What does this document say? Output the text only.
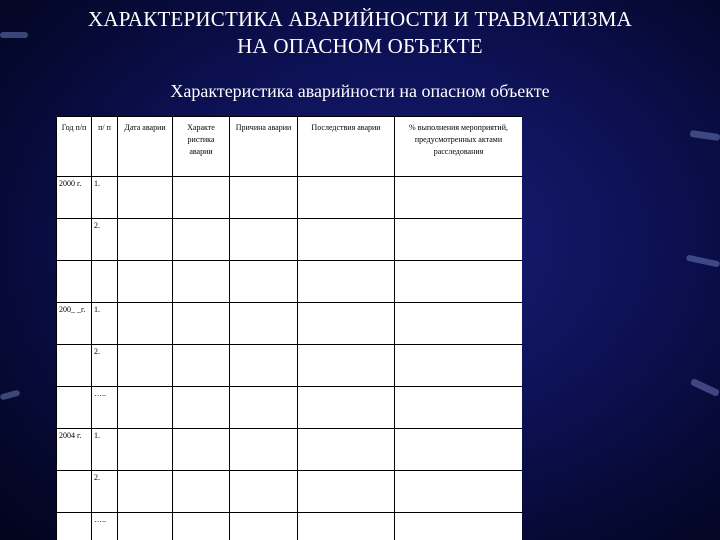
ХАРАКТЕРИСТИКА АВАРИЙНОСТИ И ТРАВМАТИЗМА
НА ОПАСНОМ ОБЪЕКТЕ
Характеристика аварийности на опасном объекте
Год п/п	п/ п	Дата аварии	Характе ристика аварии	Причина аварии	Последствия аварии	% выполнения мероприятий, предусмотренных актами расследования
2000 г.	1.					
	2.					

200_ _г.	1.					
	2.					
	…..					
2004 г.	1.					
	2.					
	…..					
